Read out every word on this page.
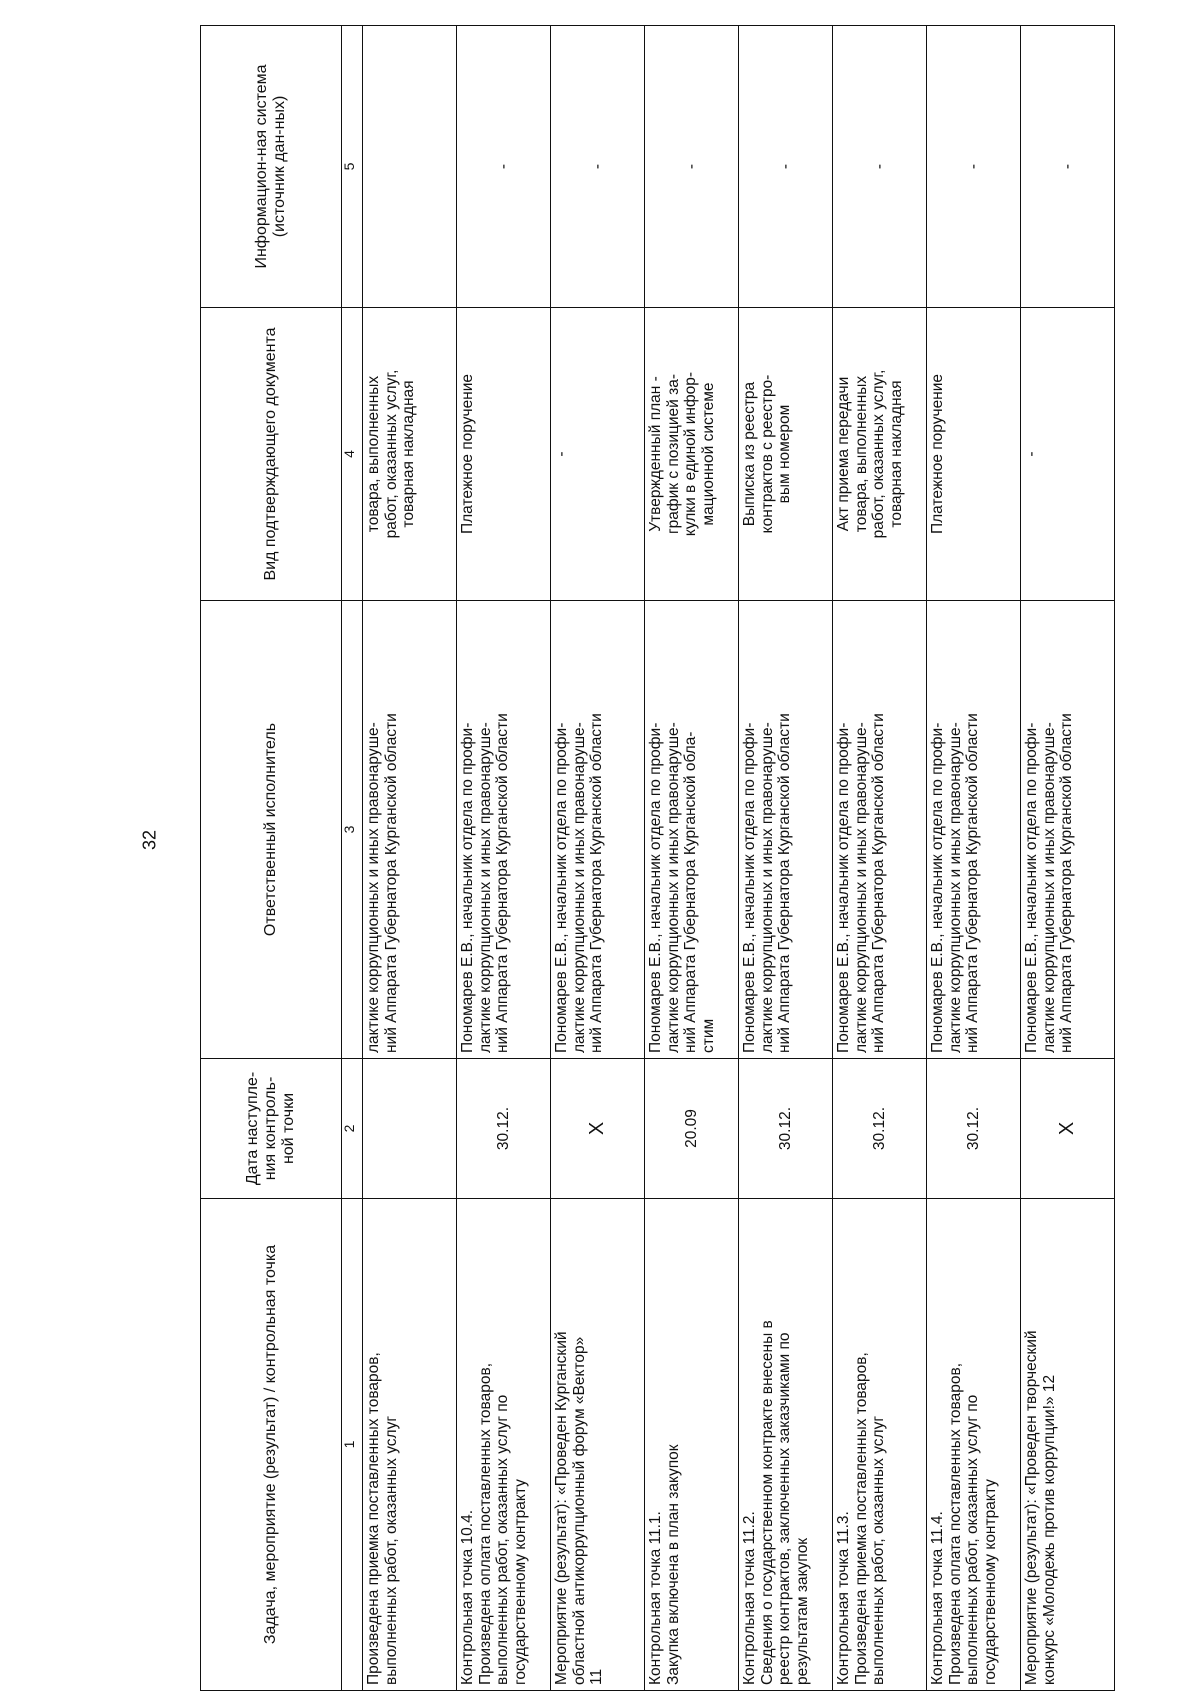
32
Задача, мероприятие (результат) / контрольная точка	Дата наступле-ния контроль-ной точки	Ответственный исполнитель	Вид подтверждающего документа	Информацион-ная система (источник дан-ных)
1	2	3	4	5

Произведена приемка поставленных товаров, выполненных работ, оказанных услуг		лактике коррупционных и иных правонаруше- ний Аппарата Губернатора Курганской области	товара, выполненных работ, оказанных услуг, товарная накладная	

Контрольная точка 10.4. Произведена оплата поставленных товаров, выполненных работ, оказанных услуг по государственному контракту	30.12.	Пономарев Е.В., начальник отдела по профи- лактике коррупционных и иных правонаруше- ний Аппарата Губернатора Курганской области	Платежное поручение	-

Мероприятие (результат): «Проведен Курганский областной антикоррупционный форум «Вектор» 11	X	Пономарев Е.В., начальник отдела по профи- лактике коррупционных и иных правонаруше- ний Аппарата Губернатора Курганской области	-	-

Контрольная точка 11.1. Закупка включена в план закупок	20.09	Пономарев Е.В., начальник отдела по профи- лактике коррупционных и иных правонаруше- ний Аппарата Губернатора Курганской обла- стим	Утвержденный план - график с позицией за- кулки в единой инфор- мационной системе	-

Контрольная точка 11.2. Сведения о государственном контракте внесены в реестр контрактов, заключенных заказчиками по результатам закупок	30.12.	Пономарев Е.В., начальник отдела по профи- лактике коррупционных и иных правонаруше- ний Аппарата Губернатора Курганской области	Выписка из реестра контрактов с реестро- вым номером	-

Контрольная точка 11.3. Произведена приемка поставленных товаров, выполненных работ, оказанных услуг	30.12.	Пономарев Е.В., начальник отдела по профи- лактике коррупционных и иных правонаруше- ний Аппарата Губернатора Курганской области	Акт приема передачи товара, выполненных работ, оказанных услуг, товарная накладная	-

Контрольная точка 11.4. Произведена оплата поставленных товаров, выполненных работ, оказанных услуг по государственному контракту	30.12.	Пономарев Е.В., начальник отдела по профи- лактике коррупционных и иных правонаруше- ний Аппарата Губернатора Курганской области	Платежное поручение	-

Мероприятие (результат): «Проведен творческий конкурс «Молодежь против коррупции!» 12	X	Пономарев Е.В., начальник отдела по профи- лактике коррупционных и иных правонаруше- ний Аппарата Губернатора Курганской области	-	-
